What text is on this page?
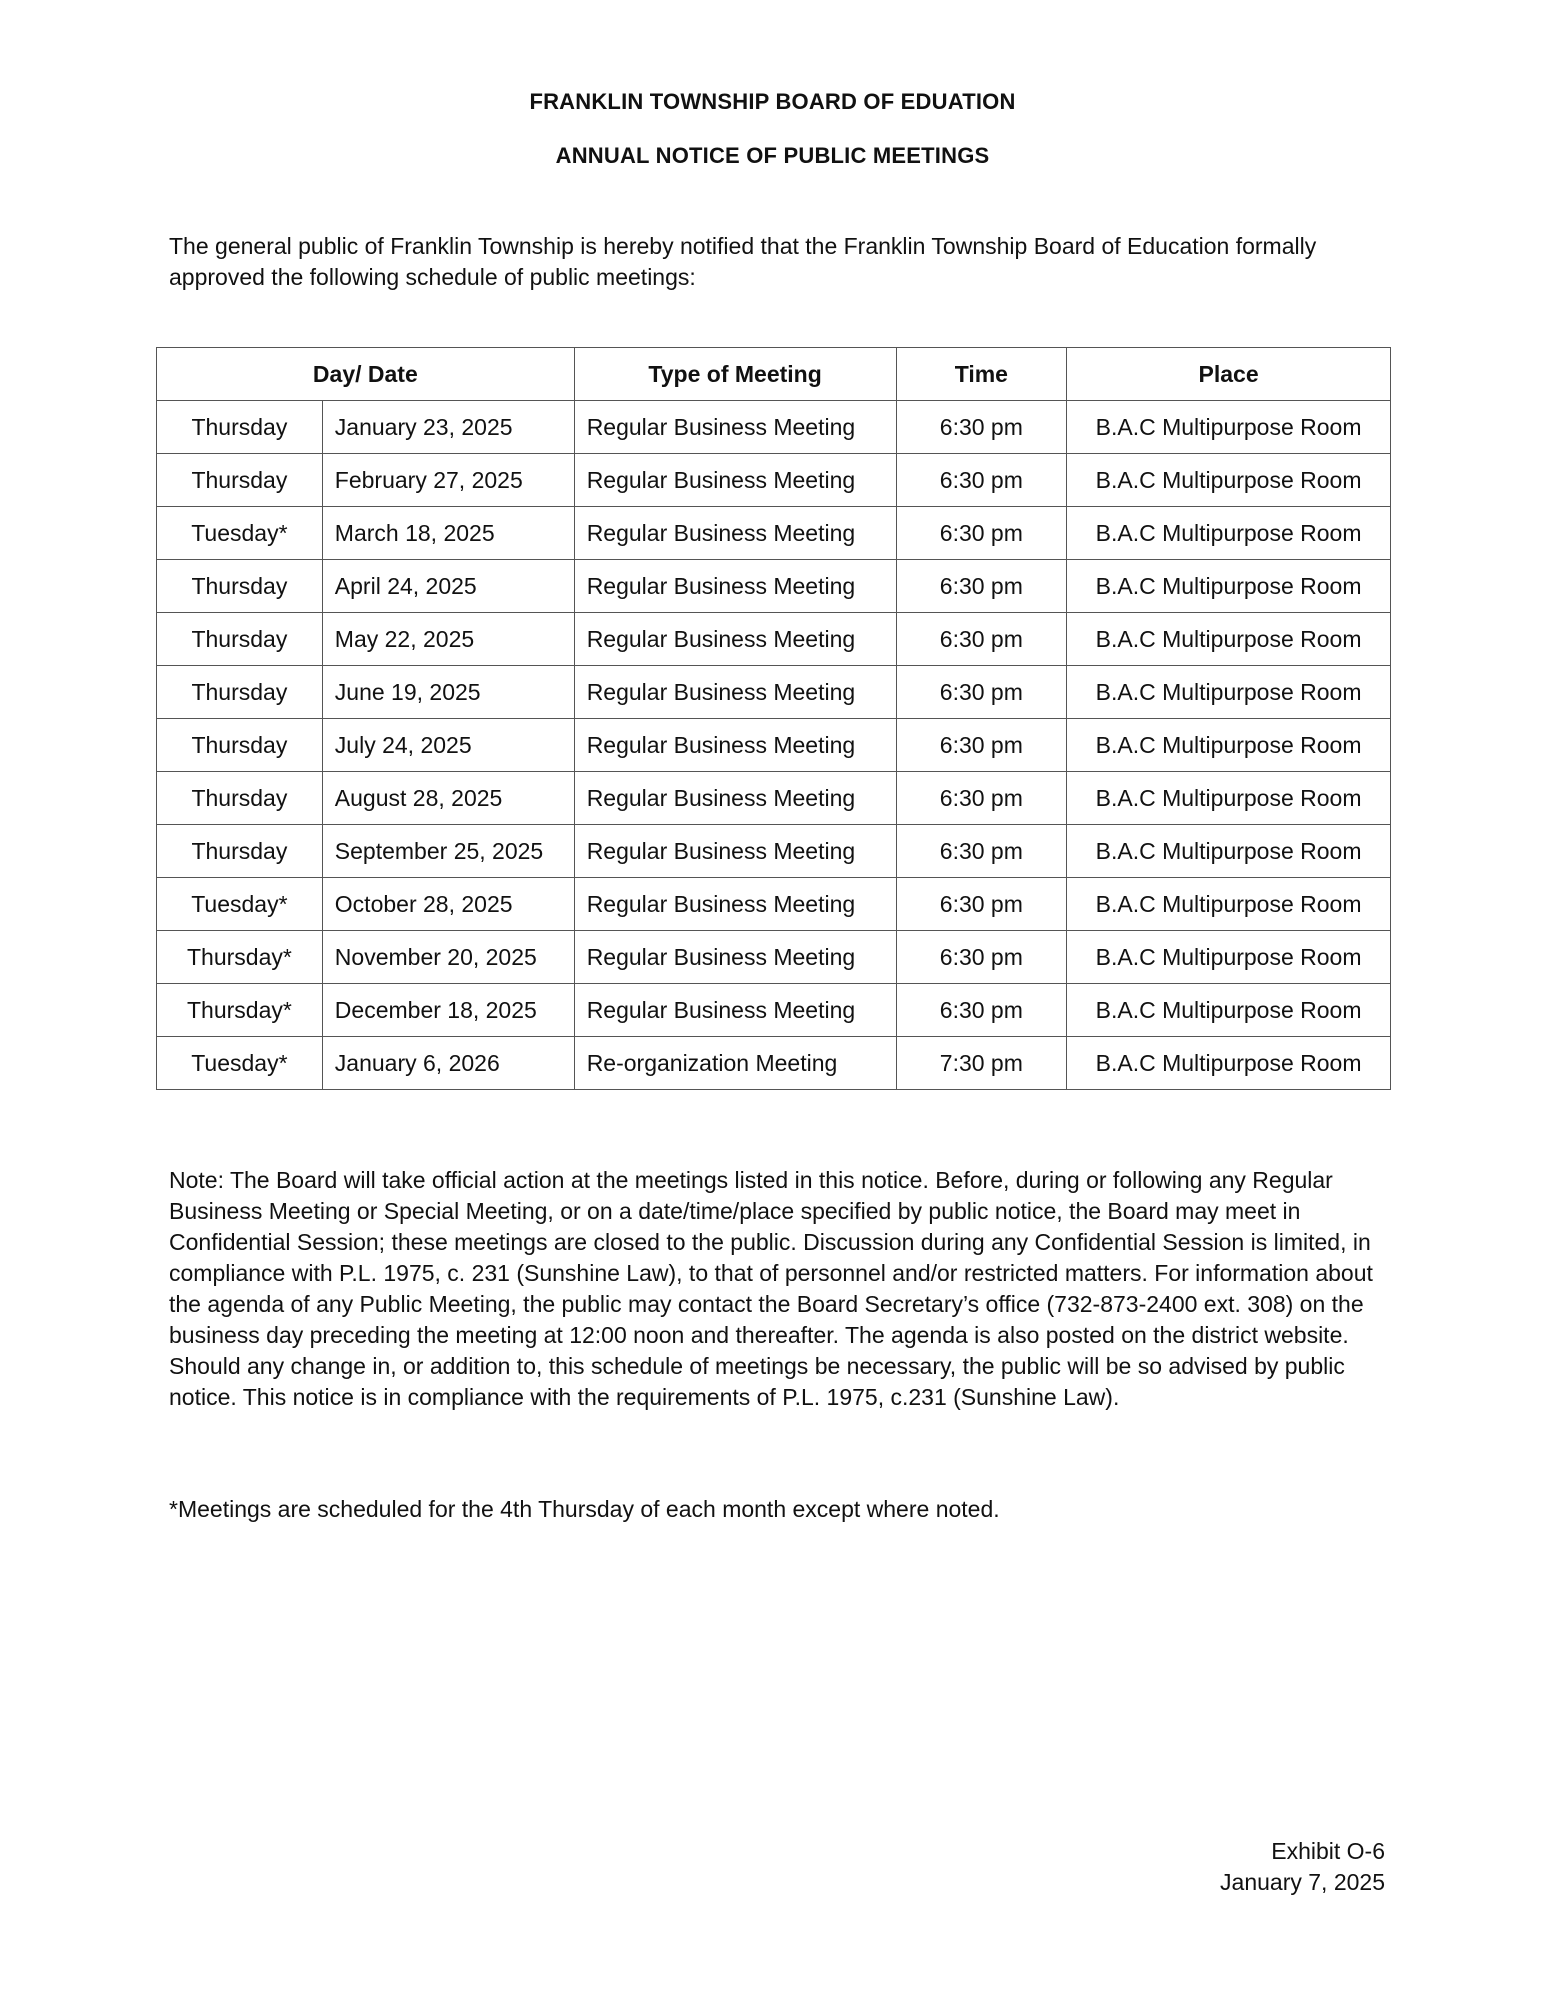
FRANKLIN TOWNSHIP BOARD OF EDUATION
ANNUAL NOTICE OF PUBLIC MEETINGS

The general public of Franklin Township is hereby notified that the Franklin Township Board of Education formally approved the following schedule of public meetings:

Day/ Date		Type of Meeting	Time	Place
Thursday	January 23, 2025	Regular Business Meeting	6:30 pm	B.A.C Multipurpose Room
Thursday	February 27, 2025	Regular Business Meeting	6:30 pm	B.A.C Multipurpose Room
Tuesday*	March 18, 2025	Regular Business Meeting	6:30 pm	B.A.C Multipurpose Room
Thursday	April 24, 2025	Regular Business Meeting	6:30 pm	B.A.C Multipurpose Room
Thursday	May 22, 2025	Regular Business Meeting	6:30 pm	B.A.C Multipurpose Room
Thursday	June 19, 2025	Regular Business Meeting	6:30 pm	B.A.C Multipurpose Room
Thursday	July 24, 2025	Regular Business Meeting	6:30 pm	B.A.C Multipurpose Room
Thursday	August 28, 2025	Regular Business Meeting	6:30 pm	B.A.C Multipurpose Room
Thursday	September 25, 2025	Regular Business Meeting	6:30 pm	B.A.C Multipurpose Room
Tuesday*	October 28, 2025	Regular Business Meeting	6:30 pm	B.A.C Multipurpose Room
Thursday*	November 20, 2025	Regular Business Meeting	6:30 pm	B.A.C Multipurpose Room
Thursday*	December 18, 2025	Regular Business Meeting	6:30 pm	B.A.C Multipurpose Room
Tuesday*	January 6, 2026	Re-organization Meeting	7:30 pm	B.A.C Multipurpose Room

Note: The Board will take official action at the meetings listed in this notice. Before, during or following any Regular Business Meeting or Special Meeting, or on a date/time/place specified by public notice, the Board may meet in Confidential Session; these meetings are closed to the public. Discussion during any Confidential Session is limited, in compliance with P.L. 1975, c. 231 (Sunshine Law), to that of personnel and/or restricted matters. For information about the agenda of any Public Meeting, the public may contact the Board Secretary’s office (732-873-2400 ext. 308) on the business day preceding the meeting at 12:00 noon and thereafter. The agenda is also posted on the district website. Should any change in, or addition to, this schedule of meetings be necessary, the public will be so advised by public notice. This notice is in compliance with the requirements of P.L. 1975, c.231 (Sunshine Law).

*Meetings are scheduled for the 4th Thursday of each month except where noted.

Exhibit O-6
January 7, 2025
